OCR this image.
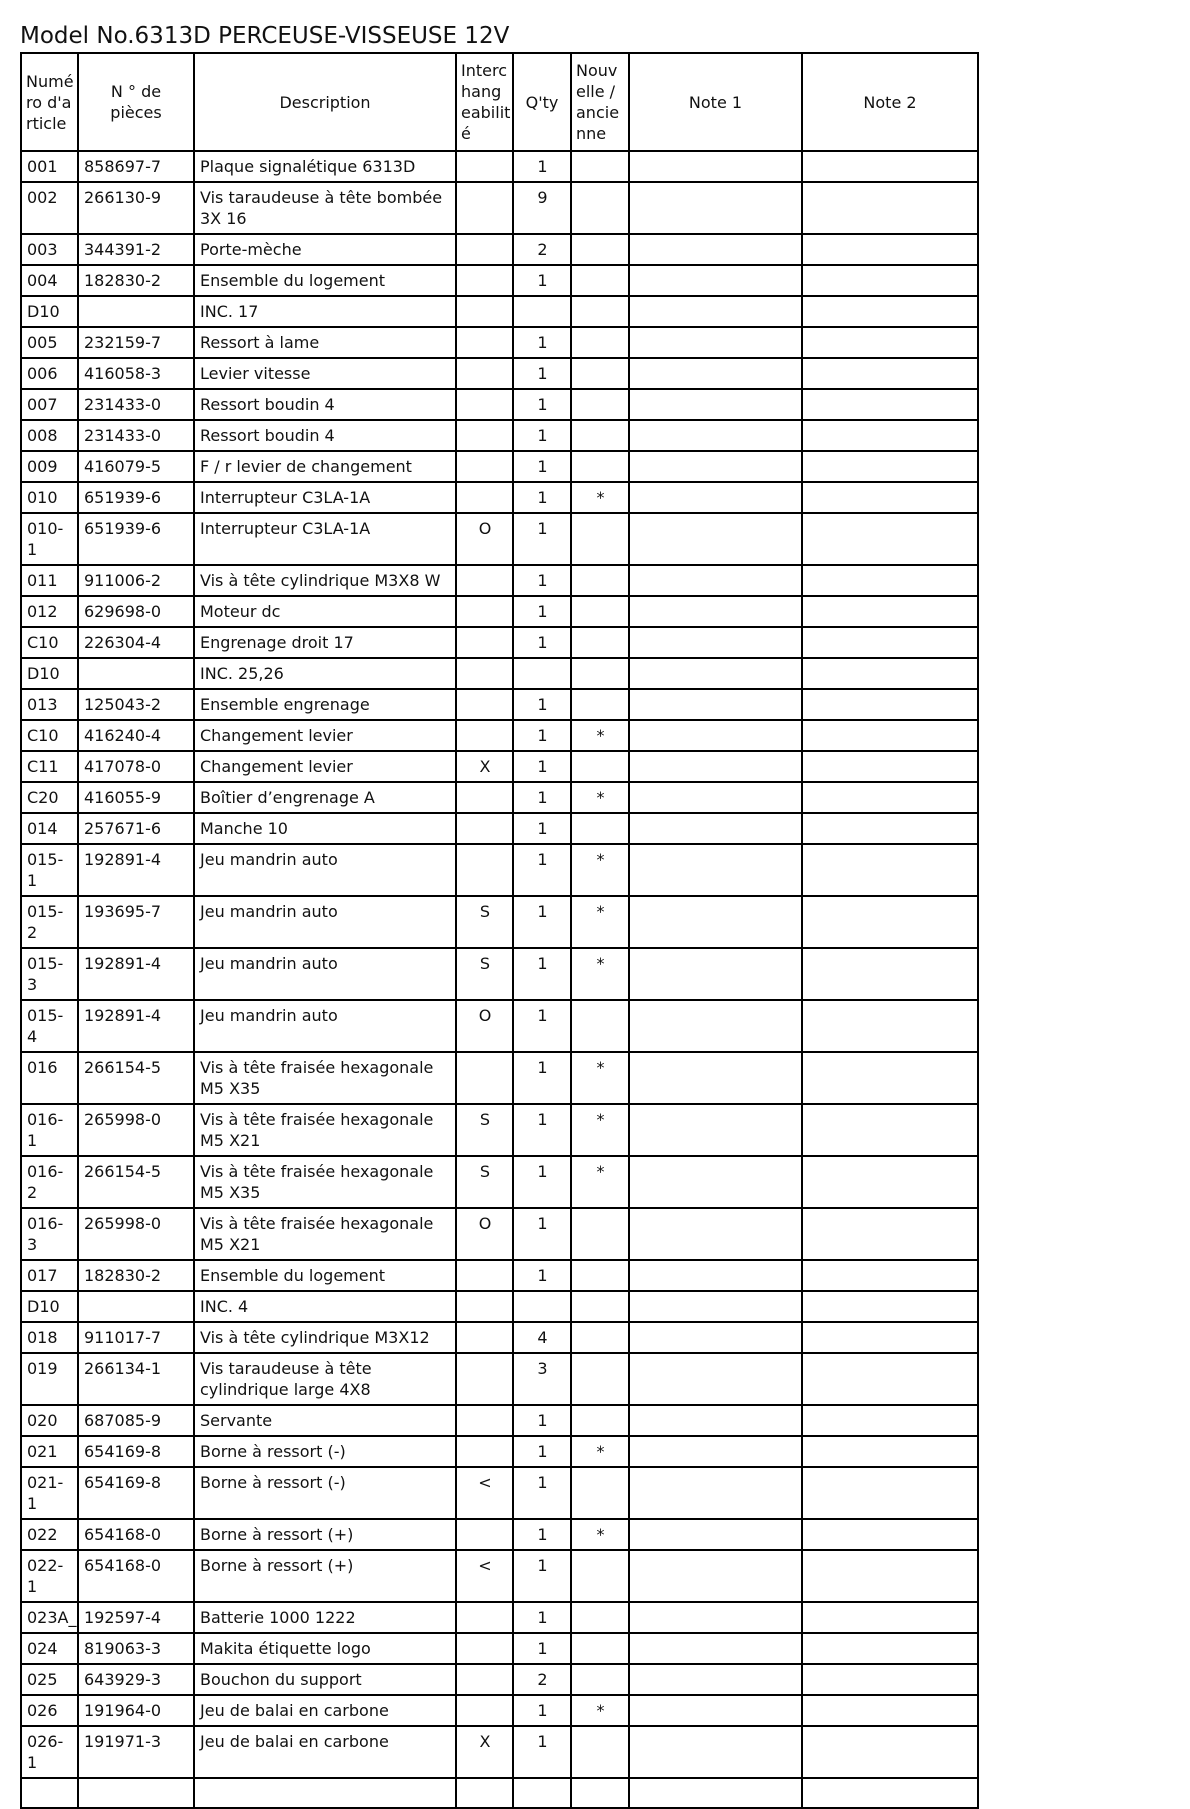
Model No.6313D PERCEUSE-VISSEUSE 12V
Numé ro d'a rticle	N ° de pièces	Description	Interc hang eabilit é	Q'ty	Nouv elle / ancie nne	Note 1	Note 2
001	858697-7	Plaque signalétique 6313D		1			
002	266130-9	Vis taraudeuse à tête bombée 3X 16		9			
003	344391-2	Porte-mèche		2			
004	182830-2	Ensemble du logement		1			
D10		INC. 17					
005	232159-7	Ressort à lame		1			
006	416058-3	Levier vitesse		1			
007	231433-0	Ressort boudin 4		1			
008	231433-0	Ressort boudin 4		1			
009	416079-5	F / r levier de changement		1			
010	651939-6	Interrupteur C3LA-1A		1	*		
010-1	651939-6	Interrupteur C3LA-1A	O	1			
011	911006-2	Vis à tête cylindrique M3X8 W		1			
012	629698-0	Moteur dc		1			
C10	226304-4	Engrenage droit 17		1			
D10		INC. 25,26					
013	125043-2	Ensemble engrenage		1			
C10	416240-4	Changement levier		1	*		
C11	417078-0	Changement levier	X	1			
C20	416055-9	Boîtier d’engrenage A		1	*		
014	257671-6	Manche 10		1			
015-1	192891-4	Jeu mandrin auto		1	*		
015-2	193695-7	Jeu mandrin auto	S	1	*		
015-3	192891-4	Jeu mandrin auto	S	1	*		
015-4	192891-4	Jeu mandrin auto	O	1			
016	266154-5	Vis à tête fraisée hexagonale M5 X35		1	*		
016-1	265998-0	Vis à tête fraisée hexagonale M5 X21	S	1	*		
016-2	266154-5	Vis à tête fraisée hexagonale M5 X35	S	1	*		
016-3	265998-0	Vis à tête fraisée hexagonale M5 X21	O	1			
017	182830-2	Ensemble du logement		1			
D10		INC. 4					
018	911017-7	Vis à tête cylindrique M3X12		4			
019	266134-1	Vis taraudeuse à tête cylindrique large 4X8		3			
020	687085-9	Servante		1			
021	654169-8	Borne à ressort (-)		1	*		
021-1	654169-8	Borne à ressort (-)	<	1			
022	654168-0	Borne à ressort (+)		1	*		
022-1	654168-0	Borne à ressort (+)	<	1			
023A_	192597-4	Batterie 1000 1222		1			
024	819063-3	Makita étiquette logo		1			
025	643929-3	Bouchon du support		2			
026	191964-0	Jeu de balai en carbone		1	*		
026-1	191971-3	Jeu de balai en carbone	X	1			
